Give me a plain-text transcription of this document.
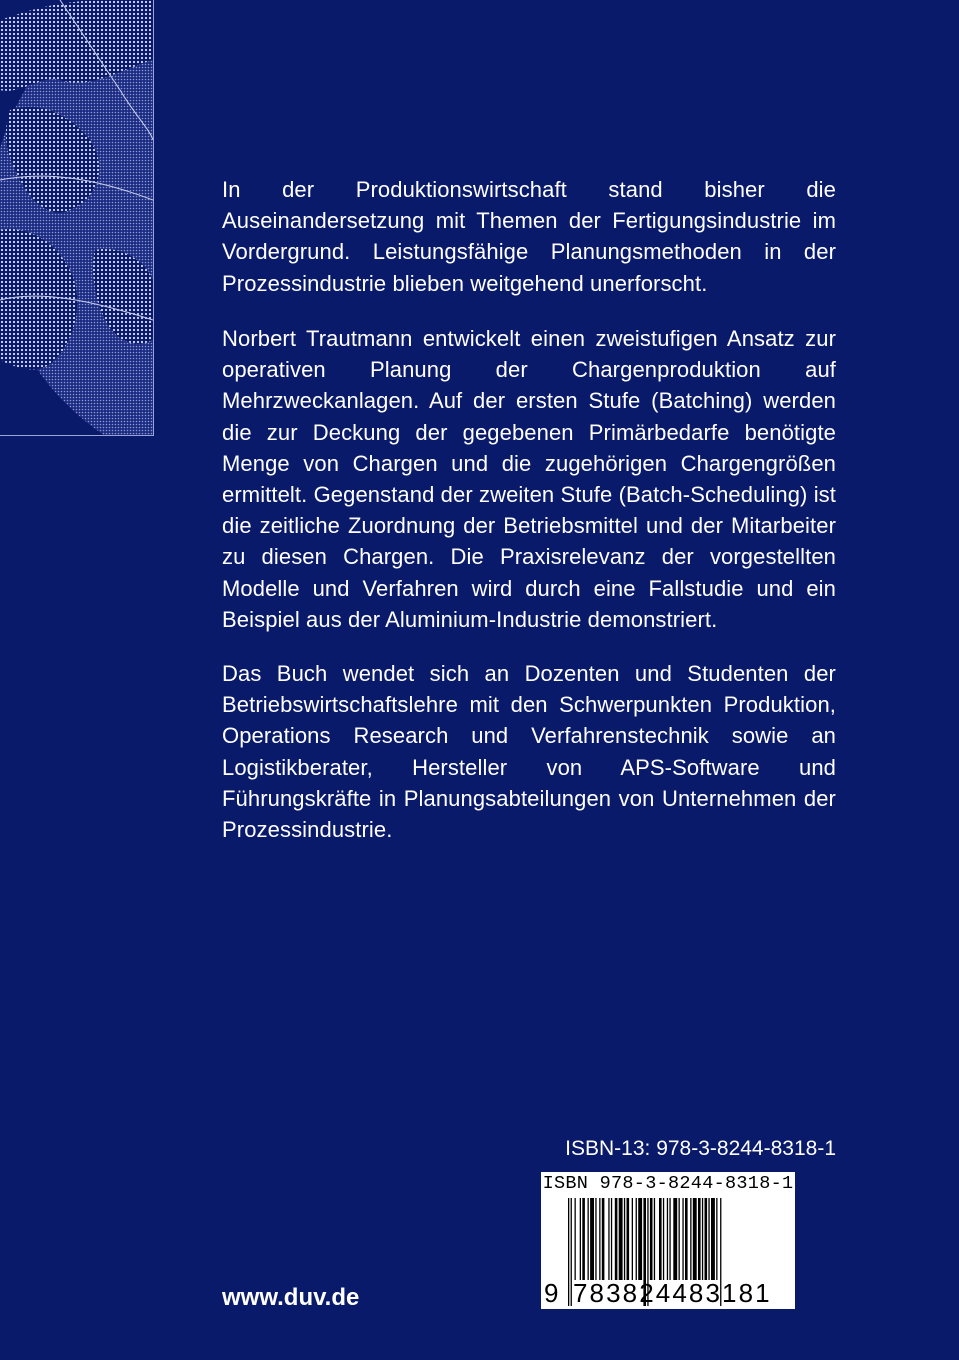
In der Produktionswirtschaft stand bisher die Auseinandersetzung mit Themen der Fertigungsindustrie im Vordergrund. Leistungsfähige Planungsmethoden in der Prozessindustrie blieben weitgehend unerforscht.

Norbert Trautmann entwickelt einen zweistufigen Ansatz zur operativen Planung der Chargenproduktion auf Mehrzweckanlagen. Auf der ersten Stufe (Batching) werden die zur Deckung der gegebenen Primärbedarfe benötigte Menge von Chargen und die zugehörigen Chargengrößen ermittelt. Gegenstand der zweiten Stufe (Batch-Scheduling) ist die zeitliche Zuordnung der Betriebsmittel und der Mitarbeiter zu diesen Chargen. Die Praxisrelevanz der vorgestellten Modelle und Verfahren wird durch eine Fallstudie und ein Beispiel aus der Aluminium-Industrie demonstriert.

Das Buch wendet sich an Dozenten und Studenten der Betriebswirtschaftslehre mit den Schwerpunkten Produktion, Operations Research und Verfahrenstechnik sowie an Logistikberater, Hersteller von APS-Software und Führungskräfte in Planungsabteilungen von Unternehmen der Prozessindustrie.

ISBN-13: 978-3-8244-8318-1
ISBN 978-3-8244-8318-1
9 783824483181
www.duv.de
